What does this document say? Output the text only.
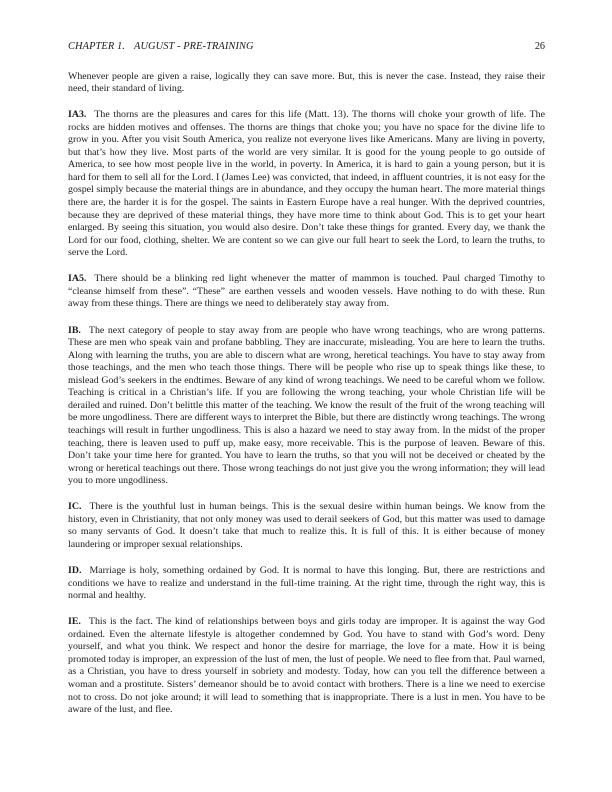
CHAPTER 1. AUGUST - PRE-TRAINING	26

Whenever people are given a raise, logically they can save more. But, this is never the case. Instead, they raise their need, their standard of living.

IA3. The thorns are the pleasures and cares for this life (Matt. 13). The thorns will choke your growth of life. The rocks are hidden motives and offenses. The thorns are things that choke you; you have no space for the divine life to grow in you. After you visit South America, you realize not everyone lives like Americans. Many are living in poverty, but that’s how they live. Most parts of the world are very similar. It is good for the young people to go outside of America, to see how most people live in the world, in poverty. In America, it is hard to gain a young person, but it is hard for them to sell all for the Lord. I (James Lee) was convicted, that indeed, in affluent countries, it is not easy for the gospel simply because the material things are in abundance, and they occupy the human heart. The more material things there are, the harder it is for the gospel. The saints in Eastern Europe have a real hunger. With the deprived countries, because they are deprived of these material things, they have more time to think about God. This is to get your heart enlarged. By seeing this situation, you would also desire. Don’t take these things for granted. Every day, we thank the Lord for our food, clothing, shelter. We are content so we can give our full heart to seek the Lord, to learn the truths, to serve the Lord.

IA5. There should be a blinking red light whenever the matter of mammon is touched. Paul charged Timothy to “cleanse himself from these”. “These” are earthen vessels and wooden vessels. Have nothing to do with these. Run away from these things. There are things we need to deliberately stay away from.

IB. The next category of people to stay away from are people who have wrong teachings, who are wrong patterns. These are men who speak vain and profane babbling. They are inaccurate, misleading. You are here to learn the truths. Along with learning the truths, you are able to discern what are wrong, heretical teachings. You have to stay away from those teachings, and the men who teach those things. There will be people who rise up to speak things like these, to mislead God’s seekers in the endtimes. Beware of any kind of wrong teachings. We need to be careful whom we follow. Teaching is critical in a Christian’s life. If you are following the wrong teaching, your whole Christian life will be derailed and ruined. Don’t belittle this matter of the teaching. We know the result of the fruit of the wrong teaching will be more ungodliness. There are different ways to interpret the Bible, but there are distinctly wrong teachings. The wrong teachings will result in further ungodliness. This is also a hazard we need to stay away from. In the midst of the proper teaching, there is leaven used to puff up, make easy, more receivable. This is the purpose of leaven. Beware of this. Don’t take your time here for granted. You have to learn the truths, so that you will not be deceived or cheated by the wrong or heretical teachings out there. Those wrong teachings do not just give you the wrong information; they will lead you to more ungodliness.

IC. There is the youthful lust in human beings. This is the sexual desire within human beings. We know from the history, even in Christianity, that not only money was used to derail seekers of God, but this matter was used to damage so many servants of God. It doesn’t take that much to realize this. It is full of this. It is either because of money laundering or improper sexual relationships.

ID. Marriage is holy, something ordained by God. It is normal to have this longing. But, there are restrictions and conditions we have to realize and understand in the full-time training. At the right time, through the right way, this is normal and healthy.

IE. This is the fact. The kind of relationships between boys and girls today are improper. It is against the way God ordained. Even the alternate lifestyle is altogether condemned by God. You have to stand with God’s word. Deny yourself, and what you think. We respect and honor the desire for marriage, the love for a mate. How it is being promoted today is improper, an expression of the lust of men, the lust of people. We need to flee from that. Paul warned, as a Christian, you have to dress yourself in sobriety and modesty. Today, how can you tell the difference between a woman and a prostitute. Sisters’ demeanor should be to avoid contact with brothers. There is a line we need to exercise not to cross. Do not joke around; it will lead to something that is inappropriate. There is a lust in men. You have to be aware of the lust, and flee.
